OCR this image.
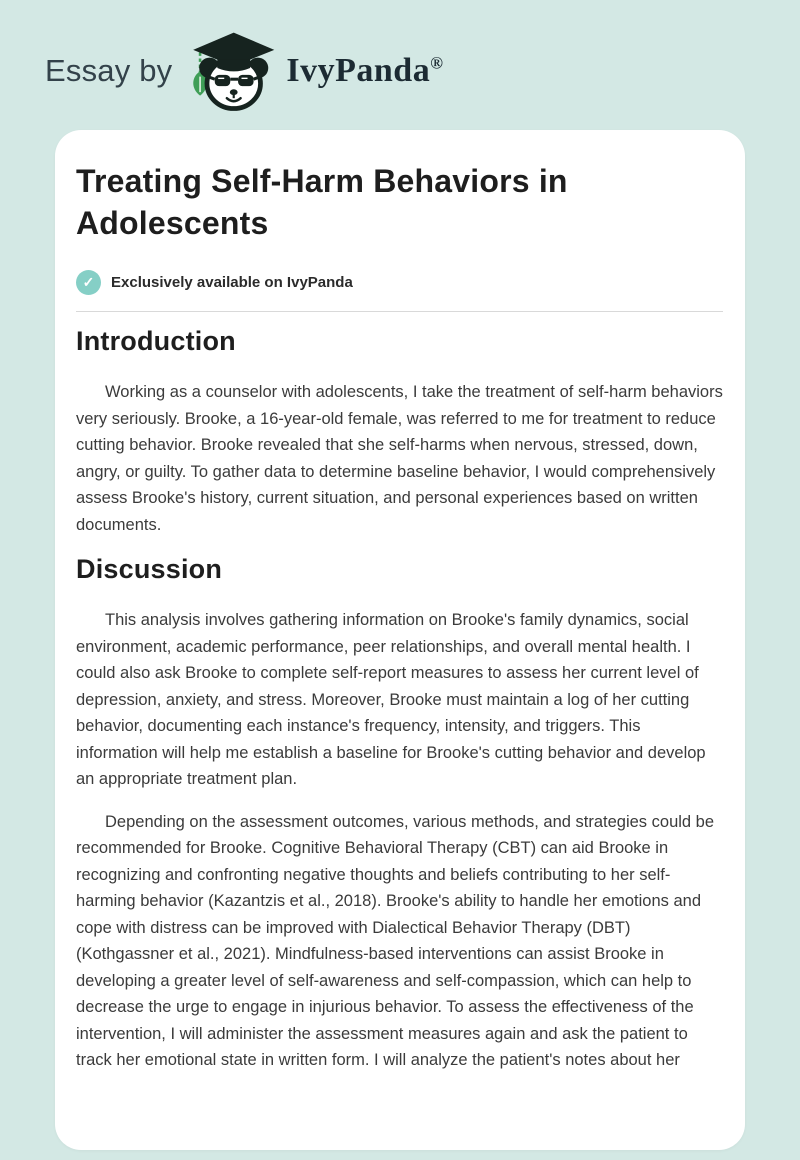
Essay by	IvyPanda®
Treating Self-Harm Behaviors in Adolescents
✓	Exclusively available on IvyPanda
Introduction

Working as a counselor with adolescents, I take the treatment of self-harm behaviors very seriously. Brooke, a 16-year-old female, was referred to me for treatment to reduce cutting behavior. Brooke revealed that she self-harms when nervous, stressed, down, angry, or guilty. To gather data to determine baseline behavior, I would comprehensively assess Brooke's history, current situation, and personal experiences based on written documents.

Discussion

This analysis involves gathering information on Brooke's family dynamics, social environment, academic performance, peer relationships, and overall mental health. I could also ask Brooke to complete self-report measures to assess her current level of depression, anxiety, and stress. Moreover, Brooke must maintain a log of her cutting behavior, documenting each instance's frequency, intensity, and triggers. This information will help me establish a baseline for Brooke's cutting behavior and develop an appropriate treatment plan.

Depending on the assessment outcomes, various methods, and strategies could be recommended for Brooke. Cognitive Behavioral Therapy (CBT) can aid Brooke in recognizing and confronting negative thoughts and beliefs contributing to her self-harming behavior (Kazantzis et al., 2018). Brooke's ability to handle her emotions and cope with distress can be improved with Dialectical Behavior Therapy (DBT) (Kothgassner et al., 2021). Mindfulness-based interventions can assist Brooke in developing a greater level of self-awareness and self-compassion, which can help to decrease the urge to engage in injurious behavior. To assess the effectiveness of the intervention, I will administer the assessment measures again and ask the patient to track her emotional state in written form. I will analyze the patient's notes about her
